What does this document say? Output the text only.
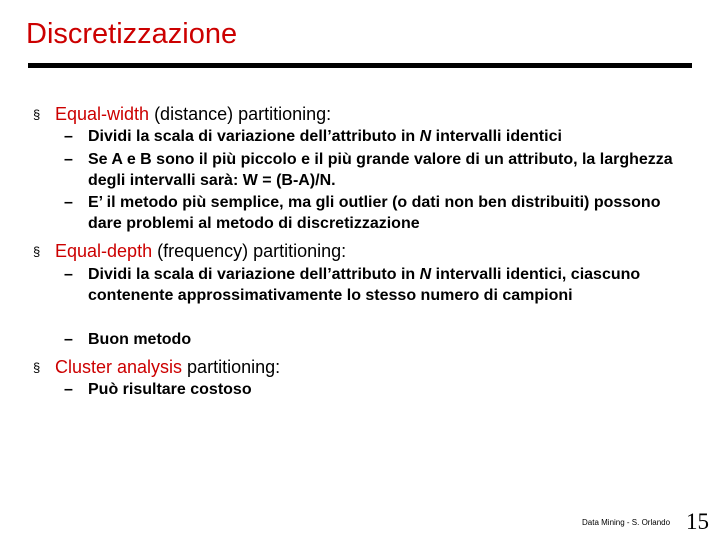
Discretizzazione
§ Equal-width (distance) partitioning:
– Dividi la scala di variazione dell’attributo in N intervalli identici
– Se A e B sono il più piccolo e il più grande valore di un attributo, la larghezza degli intervalli sarà: W = (B-A)/N.
– E’ il metodo più semplice, ma gli outlier (o dati non ben distribuiti) possono dare problemi al metodo di discretizzazione
§ Equal-depth (frequency) partitioning:
– Dividi la scala di variazione dell’attributo in N intervalli identici, ciascuno contenente approssimativamente lo stesso numero di campioni
– Buon metodo
§ Cluster analysis partitioning:
– Può risultare costoso
Data Mining - S. Orlando 15
